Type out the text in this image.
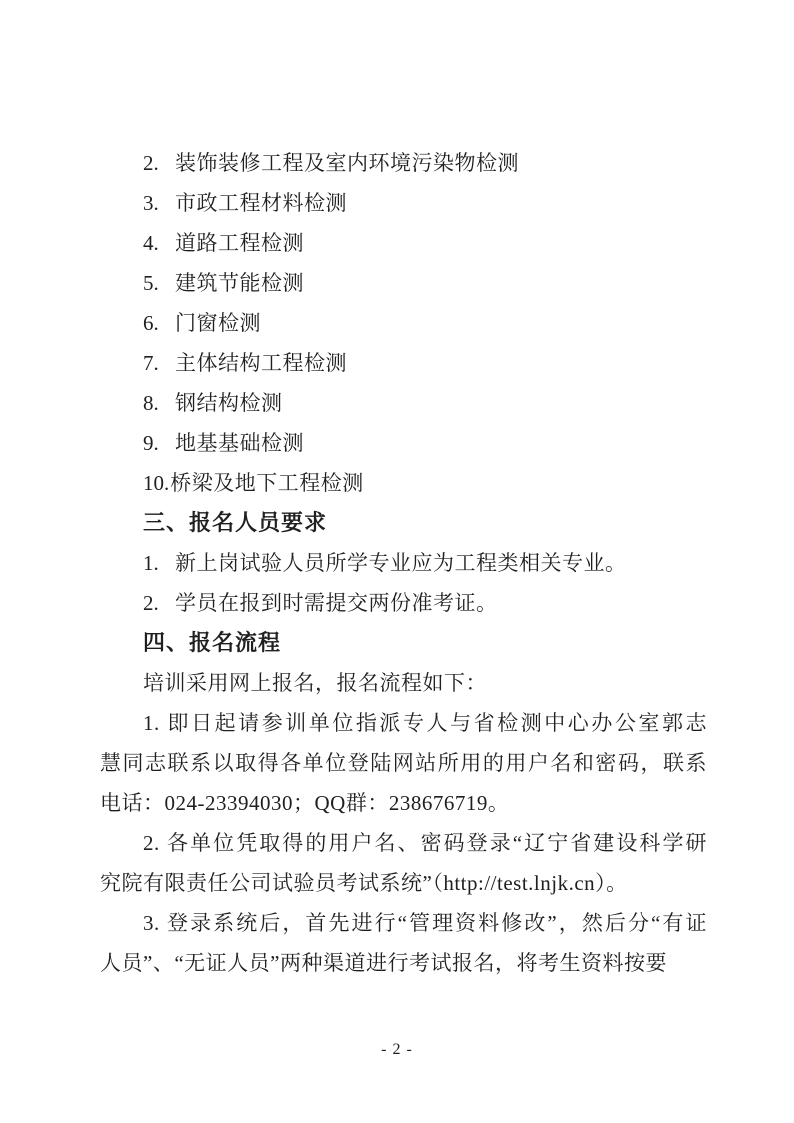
2. 装饰装修工程及室内环境污染物检测
3. 市政工程材料检测
4. 道路工程检测
5. 建筑节能检测
6. 门窗检测
7. 主体结构工程检测
8. 钢结构检测
9. 地基基础检测
10.桥梁及地下工程检测
三、报名人员要求
1. 新上岗试验人员所学专业应为工程类相关专业。
2. 学员在报到时需提交两份准考证。
四、报名流程
培训采用网上报名，报名流程如下：
1. 即日起请参训单位指派专人与省检测中心办公室郭志
慧同志联系以取得各单位登陆网站所用的用户名和密码，联系
电话：024-23394030；QQ群：238676719。
2. 各单位凭取得的用户名、密码登录“辽宁省建设科学研
究院有限责任公司试验员考试系统”（http://test.lnjk.cn）。
3. 登录系统后，首先进行“管理资料修改”，然后分“有证
人员”、“无证人员”两种渠道进行考试报名，将考生资料按要
- 2 -
